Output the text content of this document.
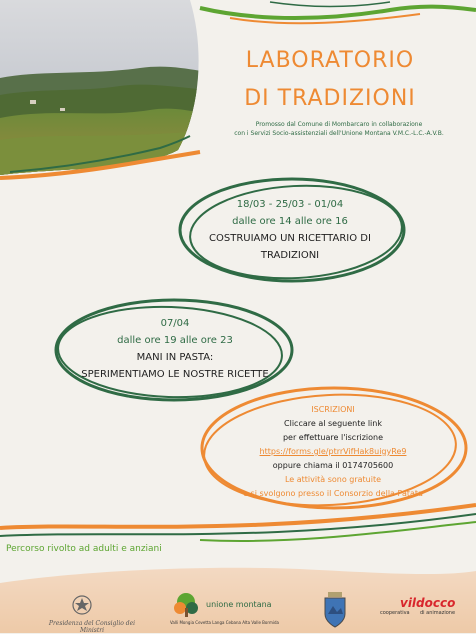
LABORATORIO
DI TRADIZIONI
Promosso dal Comune di Mombarcaro in collaborazione
con i Servizi Socio-assistenziali dell'Unione Montana V.M.C.-L.C.-A.V.B.
18/03 - 25/03 - 01/04
dalle ore 14 alle ore 16
COSTRUIAMO UN RICETTARIO DI
TRADIZIONI
07/04
dalle ore 19 alle ore 23
MANI IN PASTA:
SPERIMENTIAMO LE NOSTRE RICETTE
ISCRIZIONI
Cliccare al seguente link
per effettuare l'iscrizione
https://forms.gle/ptrrVifHak8uigyRe9
oppure chiama il 0174705600
Le attività sono gratuite
e si svolgono presso il Consorzio della Patata
Percorso rivolto ad adulti e anziani
Presidenza del Consiglio dei Ministri
unione montana
Valli Mongia Cevetta Langa Cebana Alta Valle Bormida
vildocco
cooperativa di animazione
